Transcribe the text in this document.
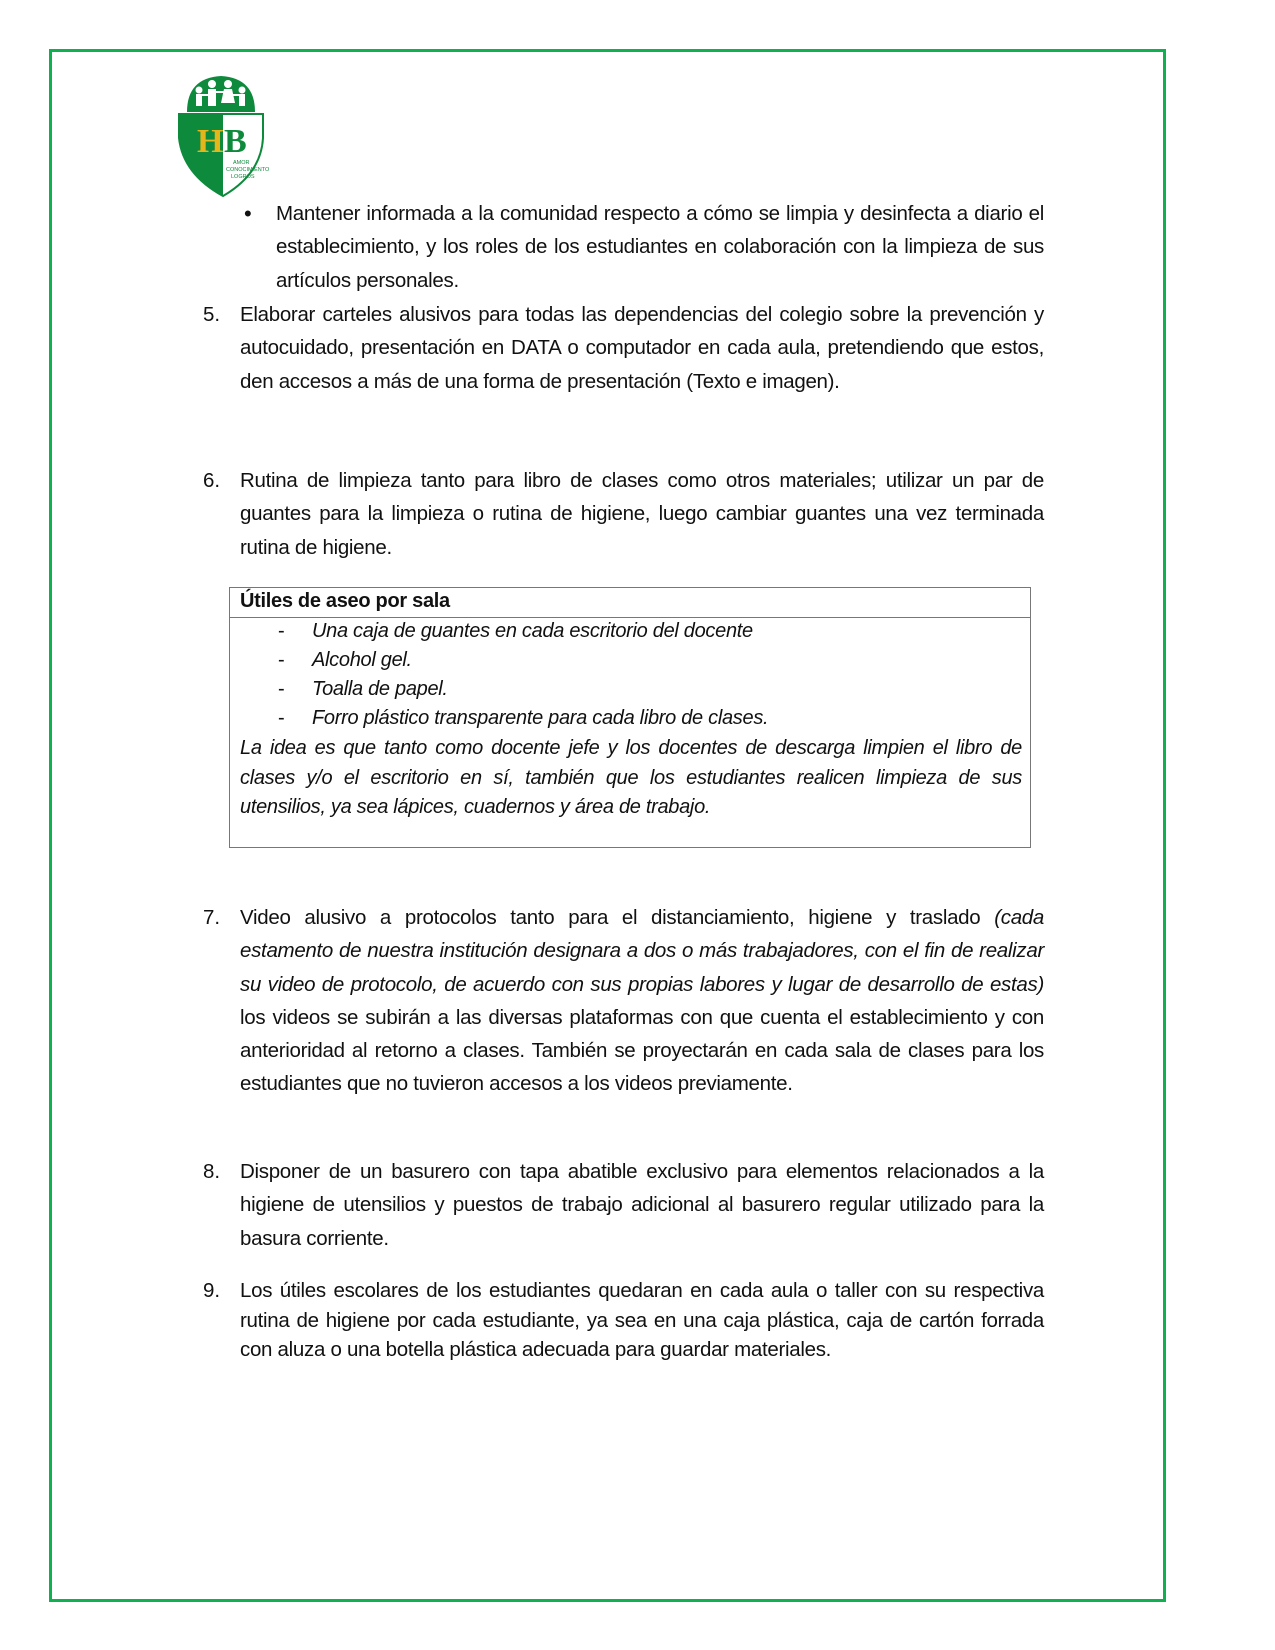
H B
AMOR
CONOCIMIENTOS
LOGROS
• Mantener informada a la comunidad respecto a cómo se limpia y desinfecta a diario el establecimiento, y los roles de los estudiantes en colaboración con la limpieza de sus artículos personales.
5. Elaborar carteles alusivos para todas las dependencias del colegio sobre la prevención y autocuidado, presentación en DATA o computador en cada aula, pretendiendo que estos, den accesos a más de una forma de presentación (Texto e imagen).
6. Rutina de limpieza tanto para libro de clases como otros materiales; utilizar un par de guantes para la limpieza o rutina de higiene, luego cambiar guantes una vez terminada rutina de higiene.
Útiles de aseo por sala
- Una caja de guantes en cada escritorio del docente
- Alcohol gel.
- Toalla de papel.
- Forro plástico transparente para cada libro de clases.
La idea es que tanto como docente jefe y los docentes de descarga limpien el libro de clases y/o el escritorio en sí, también que los estudiantes realicen limpieza de sus utensilios, ya sea lápices, cuadernos y área de trabajo.
7. Video alusivo a protocolos tanto para el distanciamiento, higiene y traslado (cada estamento de nuestra institución designara a dos o más trabajadores, con el fin de realizar su video de protocolo, de acuerdo con sus propias labores y lugar de desarrollo de estas) los videos se subirán a las diversas plataformas con que cuenta el establecimiento y con anterioridad al retorno a clases. También se proyectarán en cada sala de clases para los estudiantes que no tuvieron accesos a los videos previamente.
8. Disponer de un basurero con tapa abatible exclusivo para elementos relacionados a la higiene de utensilios y puestos de trabajo adicional al basurero regular utilizado para la basura corriente.
9. Los útiles escolares de los estudiantes quedaran en cada aula o taller con su respectiva rutina de higiene por cada estudiante, ya sea en una caja plástica, caja de cartón forrada con aluza o una botella plástica adecuada para guardar materiales.
